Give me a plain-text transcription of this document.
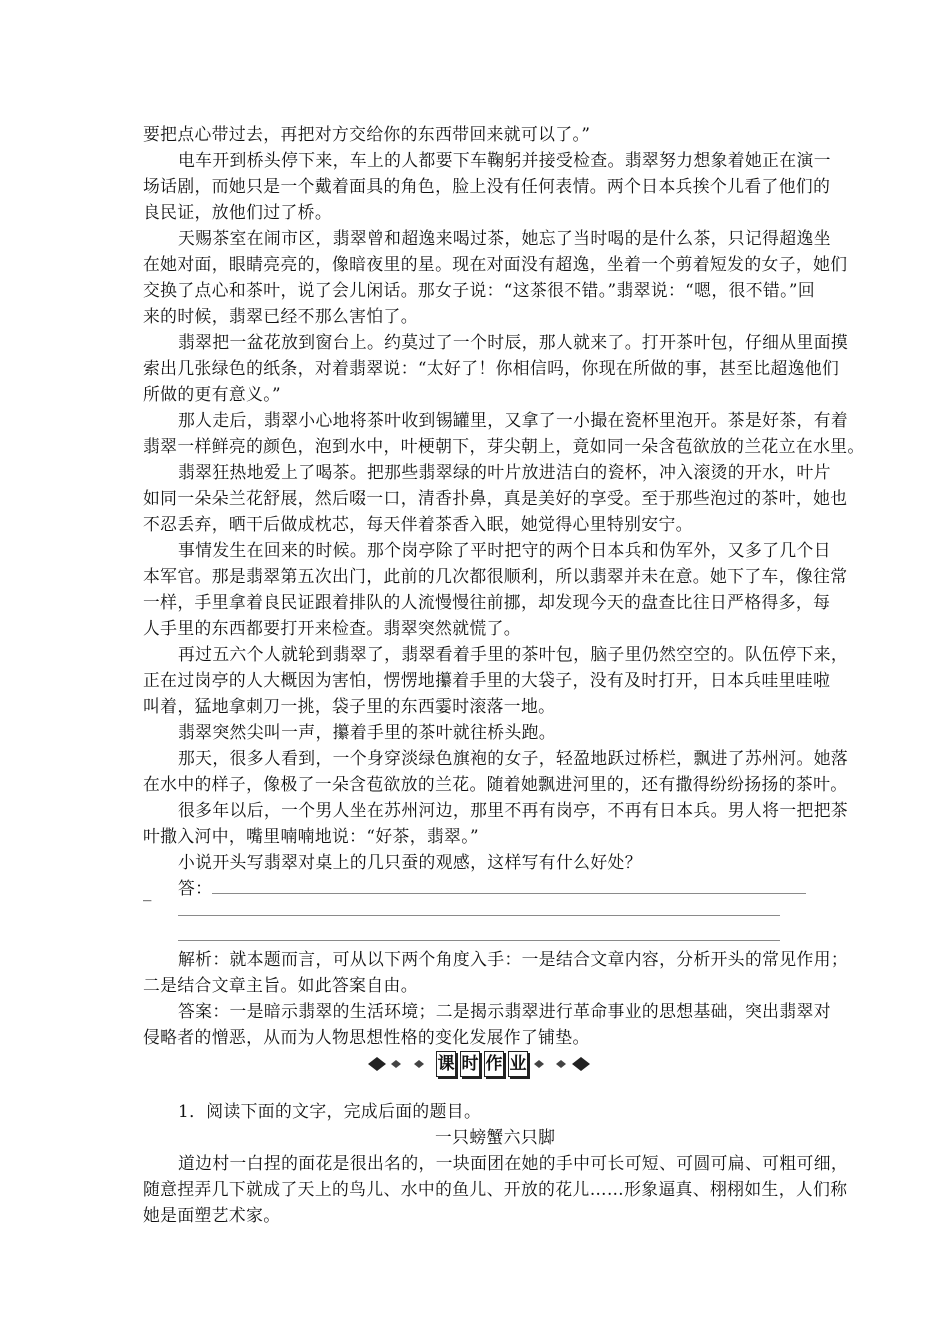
要把点心带过去，再把对方交给你的东西带回来就可以了。”
电车开到桥头停下来，车上的人都要下车鞠躬并接受检查。翡翠努力想象着她正在演一
场话剧，而她只是一个戴着面具的角色，脸上没有任何表情。两个日本兵挨个儿看了他们的
良民证，放他们过了桥。
天赐茶室在闹市区，翡翠曾和超逸来喝过茶，她忘了当时喝的是什么茶，只记得超逸坐
在她对面，眼睛亮亮的，像暗夜里的星。现在对面没有超逸，坐着一个剪着短发的女子，她们
交换了点心和茶叶，说了会儿闲话。那女子说：“这茶很不错。”翡翠说：“嗯，很不错。”回
来的时候，翡翠已经不那么害怕了。
翡翠把一盆花放到窗台上。约莫过了一个时辰，那人就来了。打开茶叶包，仔细从里面摸
索出几张绿色的纸条，对着翡翠说：“太好了！你相信吗，你现在所做的事，甚至比超逸他们
所做的更有意义。”
那人走后，翡翠小心地将茶叶收到锡罐里，又拿了一小撮在瓷杯里泡开。茶是好茶，有着
翡翠一样鲜亮的颜色，泡到水中，叶梗朝下，芽尖朝上，竟如同一朵含苞欲放的兰花立在水里。
翡翠狂热地爱上了喝茶。把那些翡翠绿的叶片放进洁白的瓷杯，冲入滚烫的开水，叶片
如同一朵朵兰花舒展，然后啜一口，清香扑鼻，真是美好的享受。至于那些泡过的茶叶，她也
不忍丢弃，晒干后做成枕芯，每天伴着茶香入眠，她觉得心里特别安宁。
事情发生在回来的时候。那个岗亭除了平时把守的两个日本兵和伪军外，又多了几个日
本军官。那是翡翠第五次出门，此前的几次都很顺利，所以翡翠并未在意。她下了车，像往常
一样，手里拿着良民证跟着排队的人流慢慢往前挪，却发现今天的盘查比往日严格得多，每
人手里的东西都要打开来检查。翡翠突然就慌了。
再过五六个人就轮到翡翠了，翡翠看着手里的茶叶包，脑子里仍然空空的。队伍停下来，
正在过岗亭的人大概因为害怕，愣愣地攥着手里的大袋子，没有及时打开，日本兵哇里哇啦
叫着，猛地拿刺刀一挑，袋子里的东西霎时滚落一地。
翡翠突然尖叫一声，攥着手里的茶叶就往桥头跑。
那天，很多人看到，一个身穿淡绿色旗袍的女子，轻盈地跃过桥栏，飘进了苏州河。她落
在水中的样子，像极了一朵含苞欲放的兰花。随着她飘进河里的，还有撒得纷纷扬扬的茶叶。
很多年以后，一个男人坐在苏州河边，那里不再有岗亭，不再有日本兵。男人将一把把茶
叶撒入河中，嘴里喃喃地说：“好茶，翡翠。”
小说开头写翡翠对桌上的几只蚕的观感，这样写有什么好处？
答：
_
解析：就本题而言，可从以下两个角度入手：一是结合文章内容，分析开头的常见作用；
二是结合文章主旨。如此答案自由。
答案：一是暗示翡翠的生活环境；二是揭示翡翠进行革命事业的思想基础，突出翡翠对
侵略者的憎恶，从而为人物思想性格的变化发展作了铺垫。
课 时 作 业
1．阅读下面的文字，完成后面的题目。
一只螃蟹六只脚
道边村一白捏的面花是很出名的，一块面团在她的手中可长可短、可圆可扁、可粗可细，
随意捏弄几下就成了天上的鸟儿、水中的鱼儿、开放的花儿……形象逼真、栩栩如生，人们称
她是面塑艺术家。
